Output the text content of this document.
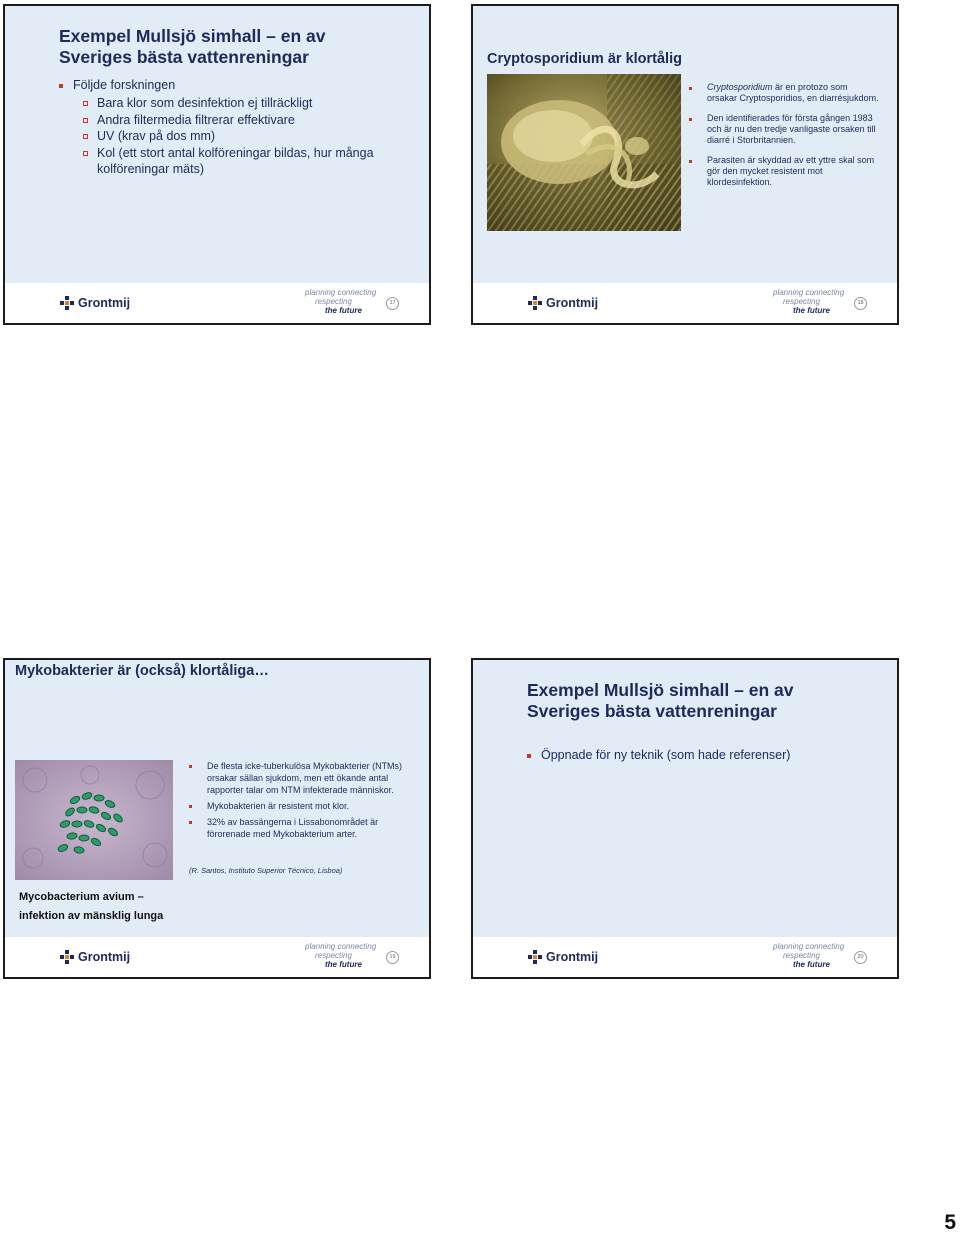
Exempel Mullsjö simhall – en av
Sveriges bästa vattenreningar
Följde forskningen
Bara klor som desinfektion ej tillräckligt
Andra filtermedia filtrerar effektivare
UV (krav på dos mm)
Kol (ett stort antal kolföreningar bildas, hur många kolföreningar mäts)
Grontmij
planning connecting
respecting
the future
17
Cryptosporidium är klortålig
Cryptosporidium är en protozo som orsakar Cryptosporidios, en diarrésjukdom.
Den identifierades för första gången 1983 och är nu den tredje vanligaste orsaken till diarré i Storbritannien.
Parasiten är skyddad av ett yttre skal som gör den mycket resistent mot klordesinfektion.
Grontmij
planning connecting
respecting
the future
18
Mykobakterier är (också) klortåliga…
De flesta icke-tuberkulösa Mykobakterier (NTMs) orsakar sällan sjukdom, men ett ökande antal rapporter talar om NTM infekterade människor.
Mykobakterien är resistent mot klor.
32% av bassängerna i Lissabonområdet är förorenade med Mykobakterium arter.
(R. Santos, Instituto Superior Técnico, Lisboa)
Mycobacterium avium –
infektion av mänsklig lunga
Grontmij
planning connecting
respecting
the future
19
Exempel Mullsjö simhall – en av
Sveriges bästa vattenreningar
Öppnade för ny teknik (som hade referenser)
Grontmij
planning connecting
respecting
the future
20
5
